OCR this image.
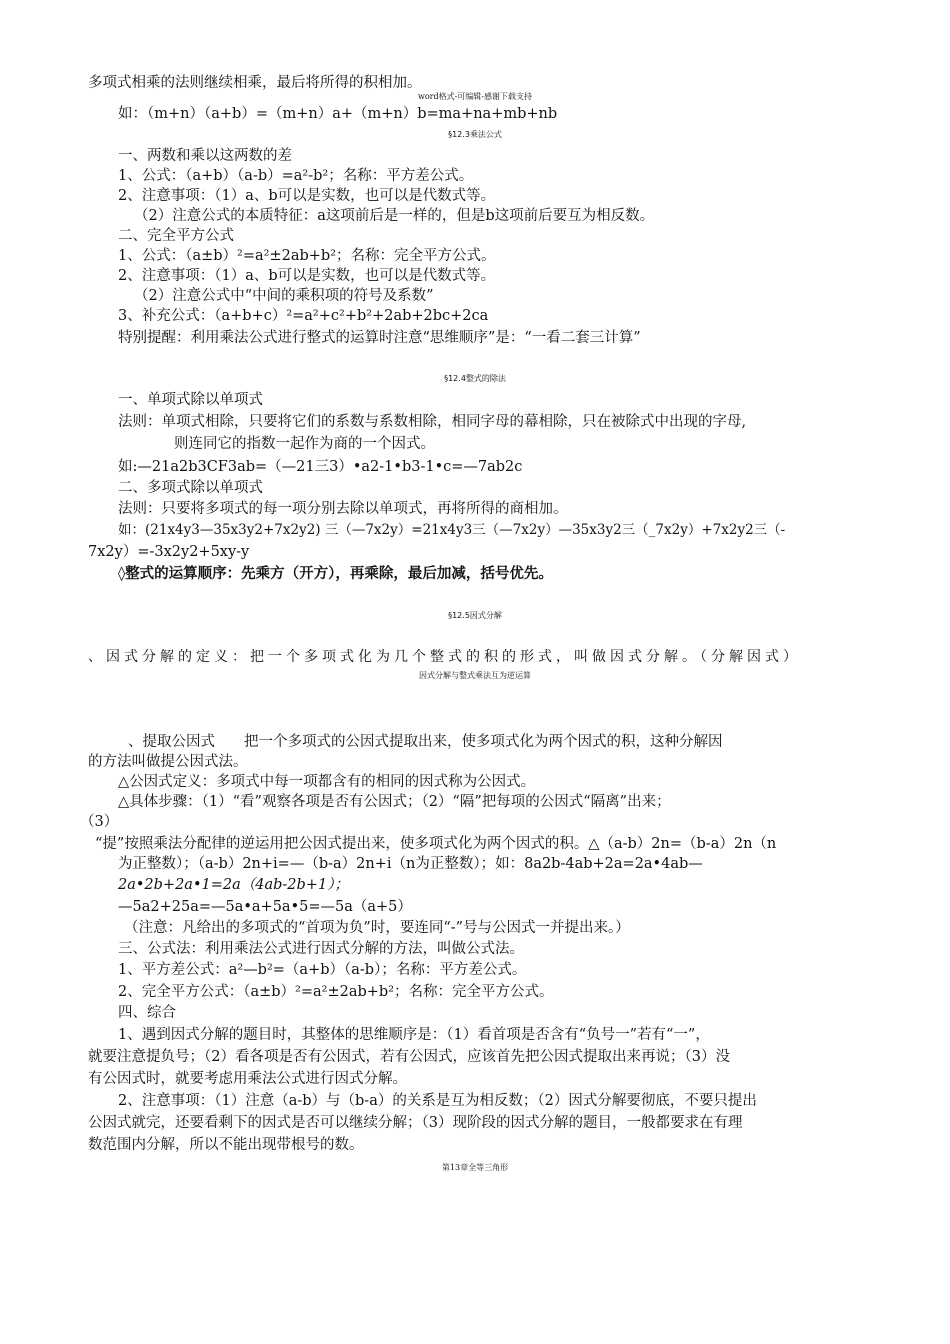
多项式相乘的法则继续相乘，最后将所得的积相加。
word格式-可编辑-感谢下载支持
如：（m+n）（a+b）=（m+n）a+（m+n）b=ma+na+mb+nb
§12.3乘法公式
一、两数和乘以这两数的差
1、公式：（a+b）（a-b）=a²-b²；名称：平方差公式。
2、注意事项：（1）a、b可以是实数，也可以是代数式等。
（2）注意公式的本质特征：a这项前后是一样的，但是b这项前后要互为相反数。
二、完全平方公式
1、公式：（a±b）²=a²±2ab+b²；名称：完全平方公式。
2、注意事项：（1）a、b可以是实数，也可以是代数式等。
（2）注意公式中“中间的乘积项的符号及系数”
3、补充公式：（a+b+c）²=a²+c²+b²+2ab+2bc+2ca
特别提醒：利用乘法公式进行整式的运算时注意“思维顺序”是：“一看二套三计算”
§12.4整式的除法
一、单项式除以单项式
法则：单项式相除，只要将它们的系数与系数相除，相同字母的幕相除，只在被除式中出现的字母,
则连同它的指数一起作为商的一个因式。
如:—21a2b3CF3ab=（—21三3）•a2-1•b3-1•c=—7ab2c
二、多项式除以单项式
法则：只要将多项式的每一项分别去除以单项式，再将所得的商相加。
如：(21x4y3—35x3y2+7x2y2) 三（—7x2y）=21x4y3三（—7x2y）—35x3y2三（_7x2y）+7x2y2三（-
7x2y）=-3x2y2+5xy-y
◊整式的运算顺序：先乘方（开方），再乘除，最后加减，括号优先。
§12.5因式分解
、因式分解的定义：把一个多项式化为几个整式的积的形式，叫做因式分解。（分解因式）
因式分解与整式乘法互为逆运算
、提取公因式　　把一个多项式的公因式提取出来，使多项式化为两个因式的积，这种分解因
的方法叫做提公因式法。
△公因式定义：多项式中每一项都含有的相同的因式称为公因式。
△具体步骤：（1）“看”观察各项是否有公因式；（2）“隔”把每项的公因式“隔离”出来；
（3）
“提”按照乘法分配律的逆运用把公因式提出来，使多项式化为两个因式的积。△（a-b）2n=（b-a）2n（n
为正整数）；（a-b）2n+i=—（b-a）2n+i（n为正整数）；如：8a2b-4ab+2a=2a•4ab—
2a•2b+2a•1=2a（4ab-2b+1）；
—5a2+25a=—5a•a+5a•5=—5a（a+5）
（注意：凡给出的多项式的“首项为负”时，要连同“-”号与公因式一并提出来。）
三、公式法：利用乘法公式进行因式分解的方法，叫做公式法。
1、平方差公式：a²—b²=（a+b）（a-b）；名称：平方差公式。
2、完全平方公式：（a±b）²=a²±2ab+b²；名称：完全平方公式。
四、综合
1、遇到因式分解的题目时，其整体的思维顺序是：（1）看首项是否含有“负号一”若有“一”，
就要注意提负号；（2）看各项是否有公因式，若有公因式，应该首先把公因式提取出来再说；（3）没
有公因式时，就要考虑用乘法公式进行因式分解。
2、注意事项：（1）注意（a-b）与（b-a）的关系是互为相反数；（2）因式分解要彻底，不要只提出
公因式就完，还要看剩下的因式是否可以继续分解；（3）现阶段的因式分解的题目，一般都要求在有理
数范围内分解，所以不能出现带根号的数。
第13章全等三角形
